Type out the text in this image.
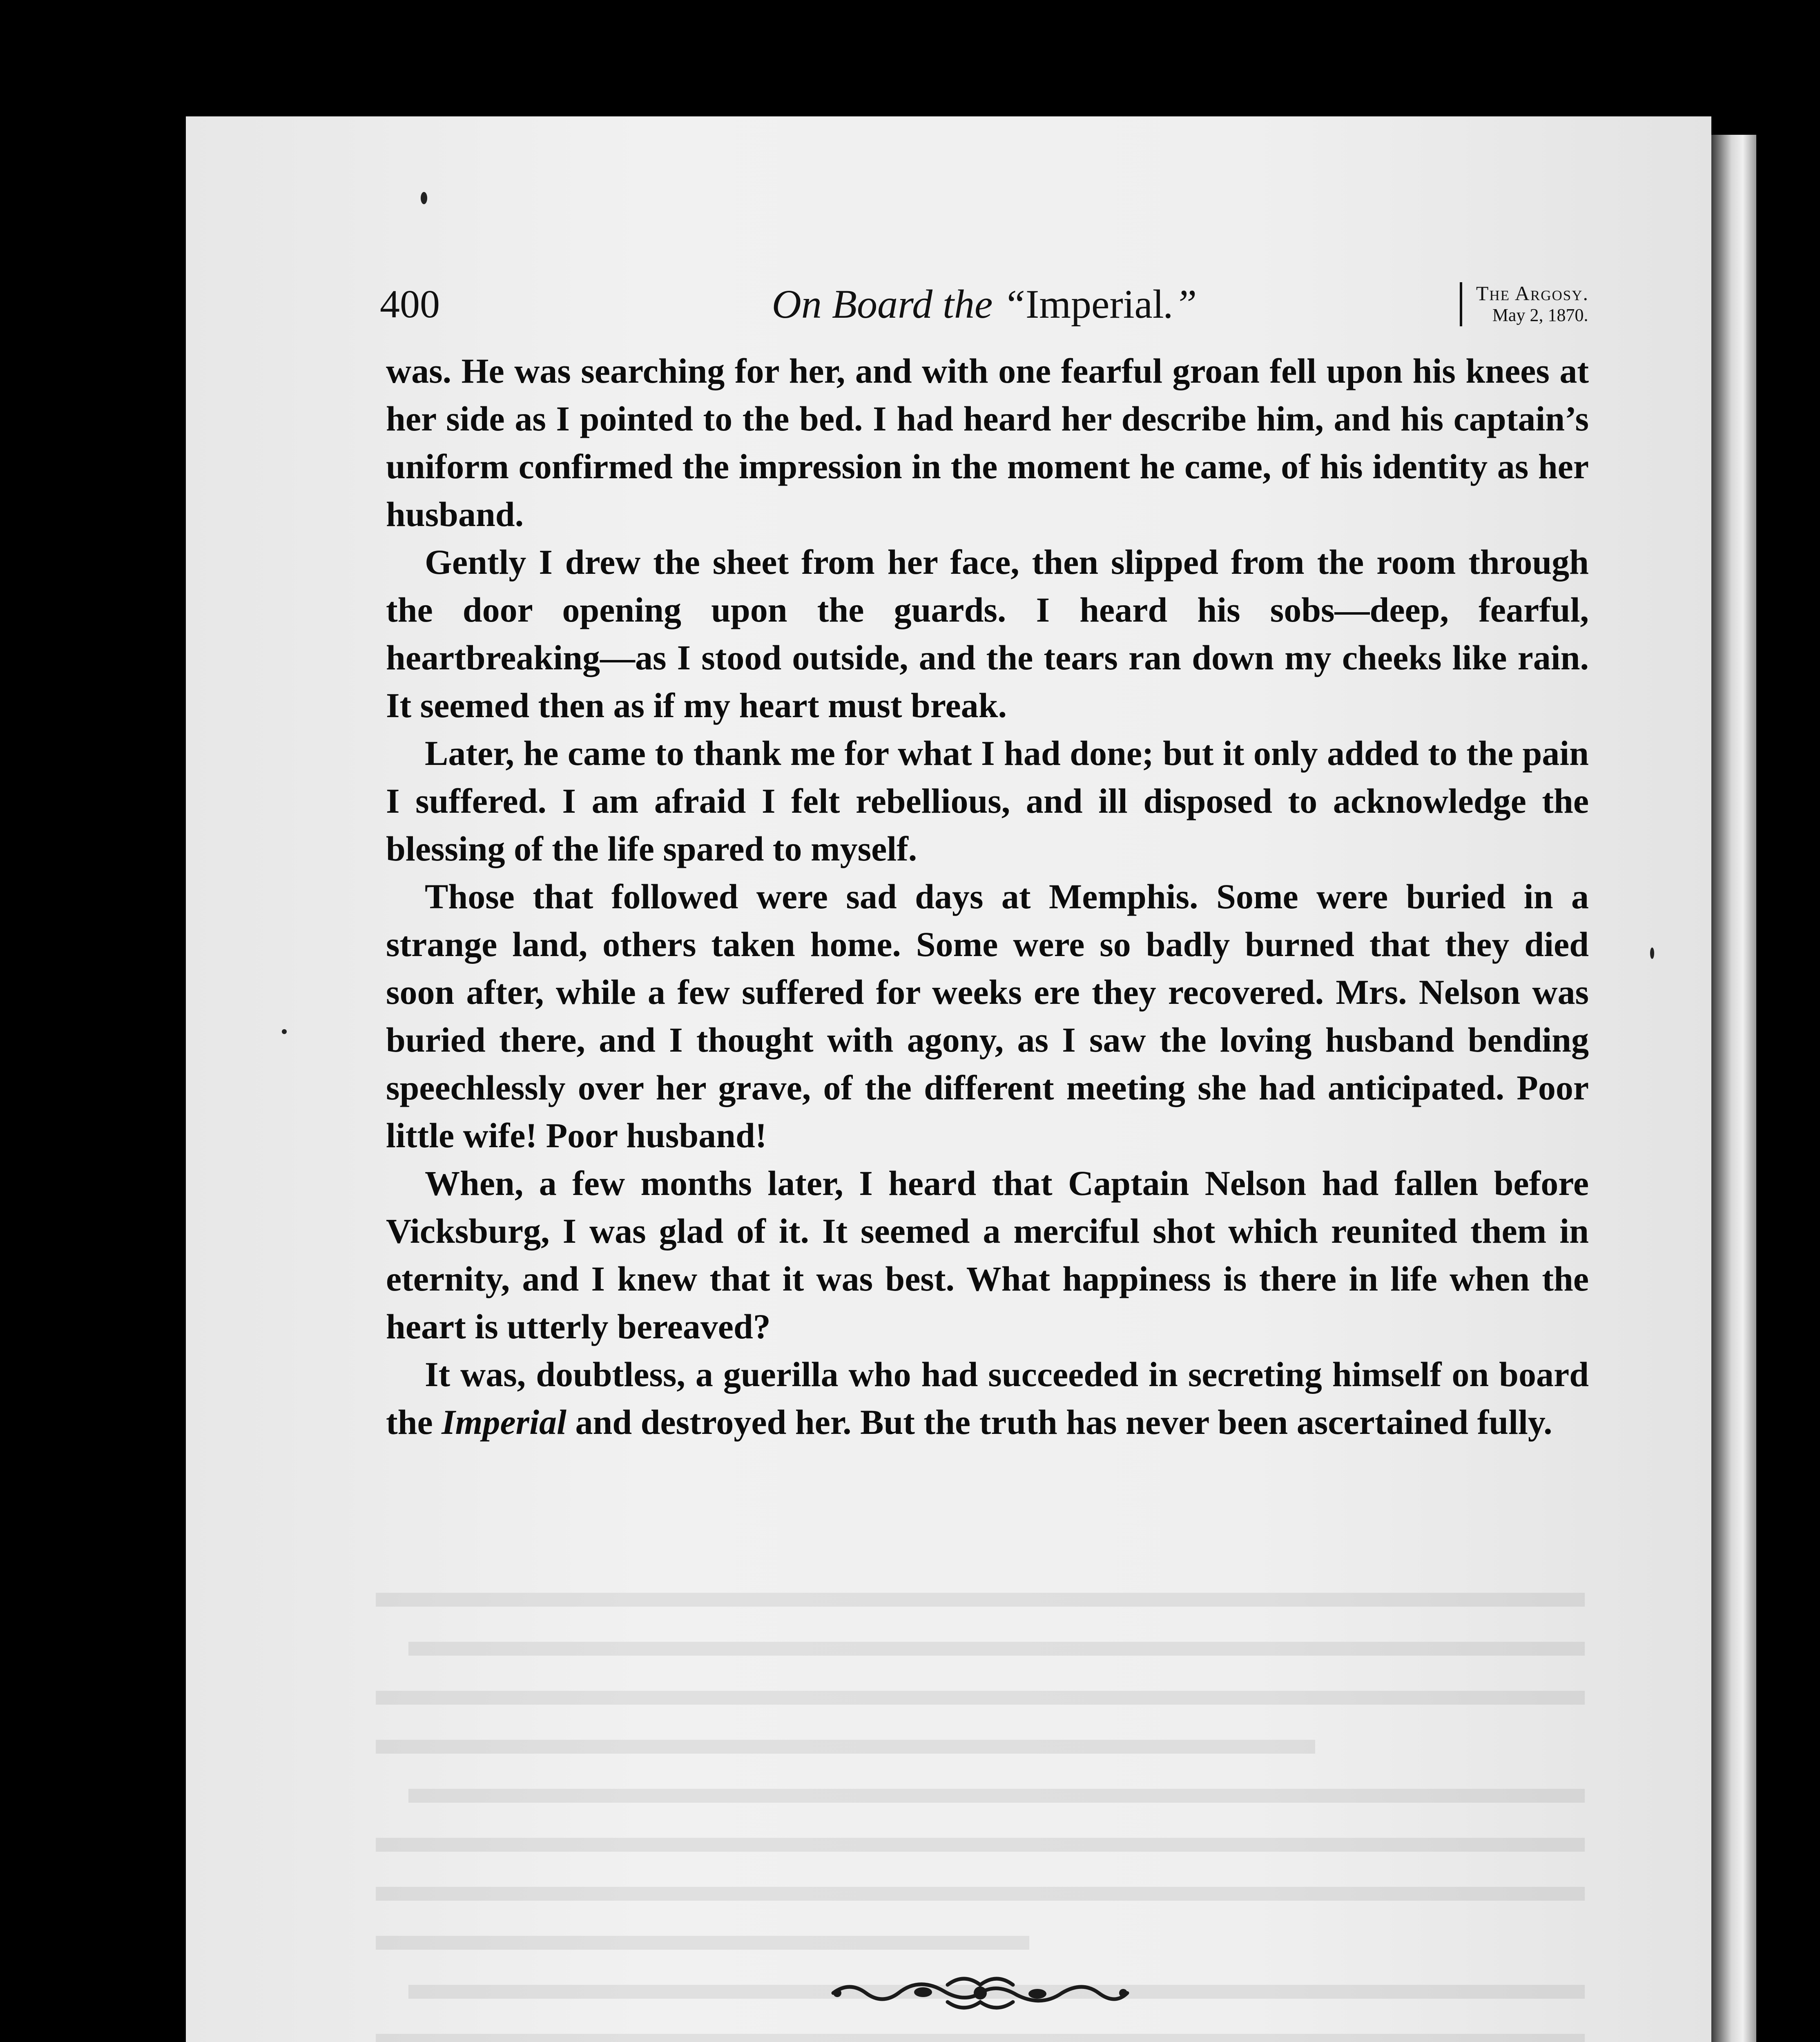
400	On Board the “Imperial.”	The Argosy.
May 2, 1870.

was. He was searching for her, and with one fearful groan fell upon his knees at her side as I pointed to the bed. I had heard her describe him, and his captain’s uniform confirmed the impression in the moment he came, of his identity as her husband.

Gently I drew the sheet from her face, then slipped from the room through the door opening upon the guards. I heard his sobs—deep, fearful, heartbreaking—as I stood outside, and the tears ran down my cheeks like rain. It seemed then as if my heart must break.

Later, he came to thank me for what I had done; but it only added to the pain I suffered. I am afraid I felt rebellious, and ill disposed to acknowledge the blessing of the life spared to myself.

Those that followed were sad days at Memphis. Some were buried in a strange land, others taken home. Some were so badly burned that they died soon after, while a few suffered for weeks ere they recovered. Mrs. Nelson was buried there, and I thought with agony, as I saw the loving husband bending speechlessly over her grave, of the different meeting she had anticipated. Poor little wife! Poor husband!

When, a few months later, I heard that Captain Nelson had fallen before Vicksburg, I was glad of it. It seemed a merciful shot which reunited them in eternity, and I knew that it was best. What happiness is there in life when the heart is utterly bereaved?

It was, doubtless, a guerilla who had succeeded in secreting himself on board the Imperial and destroyed her. But the truth has never been ascertained fully.
